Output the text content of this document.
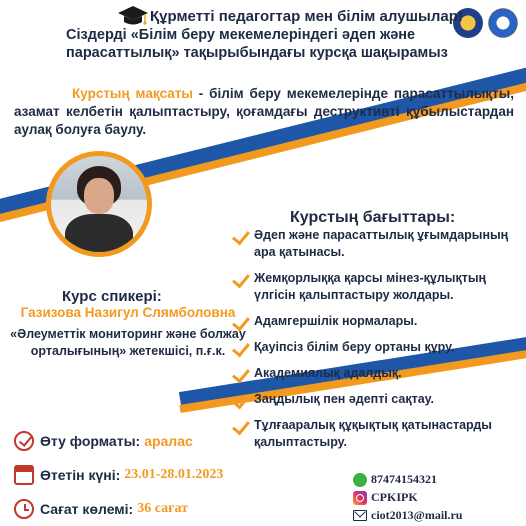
Құрметті педагогтар мен білім алушылар!
Сіздерді «Білім беру мекемелеріндегі әдеп және парасаттылық» тақырыбындағы курсқа шақырамыз
Курстың мақсаты - білім беру мекемелерінде парасаттылықты, азамат келбетін қалыптастыру, қоғамдағы деструктивті құбылыстардан аулақ болуға баулу.
Курс спикері:
Газизова Назигул Слямболовна
«Әлеуметтік мониторинг және болжау орталығының» жетекшісі, п.ғ.к.
Курстың бағыттары:
Әдеп және парасаттылық ұғымдарының ара қатынасы.
Жемқорлыққа қарсы мінез-құлықтың үлгісін қалыптастыру жолдары.
Адамгершілік нормалары.
Қауіпсіз білім беру ортаны құру.
Академиялық адалдық.
Заңдылық пен әдепті сақтау.
Тұлғааралық құқықтық қатынастарды қалыптастыру.
Өту форматы: аралас
Өтетін күні: 23.01-28.01.2023
Сағат көлемі: 36 сағат
87474154321
CPKIPK
ciot2013@mail.ru
